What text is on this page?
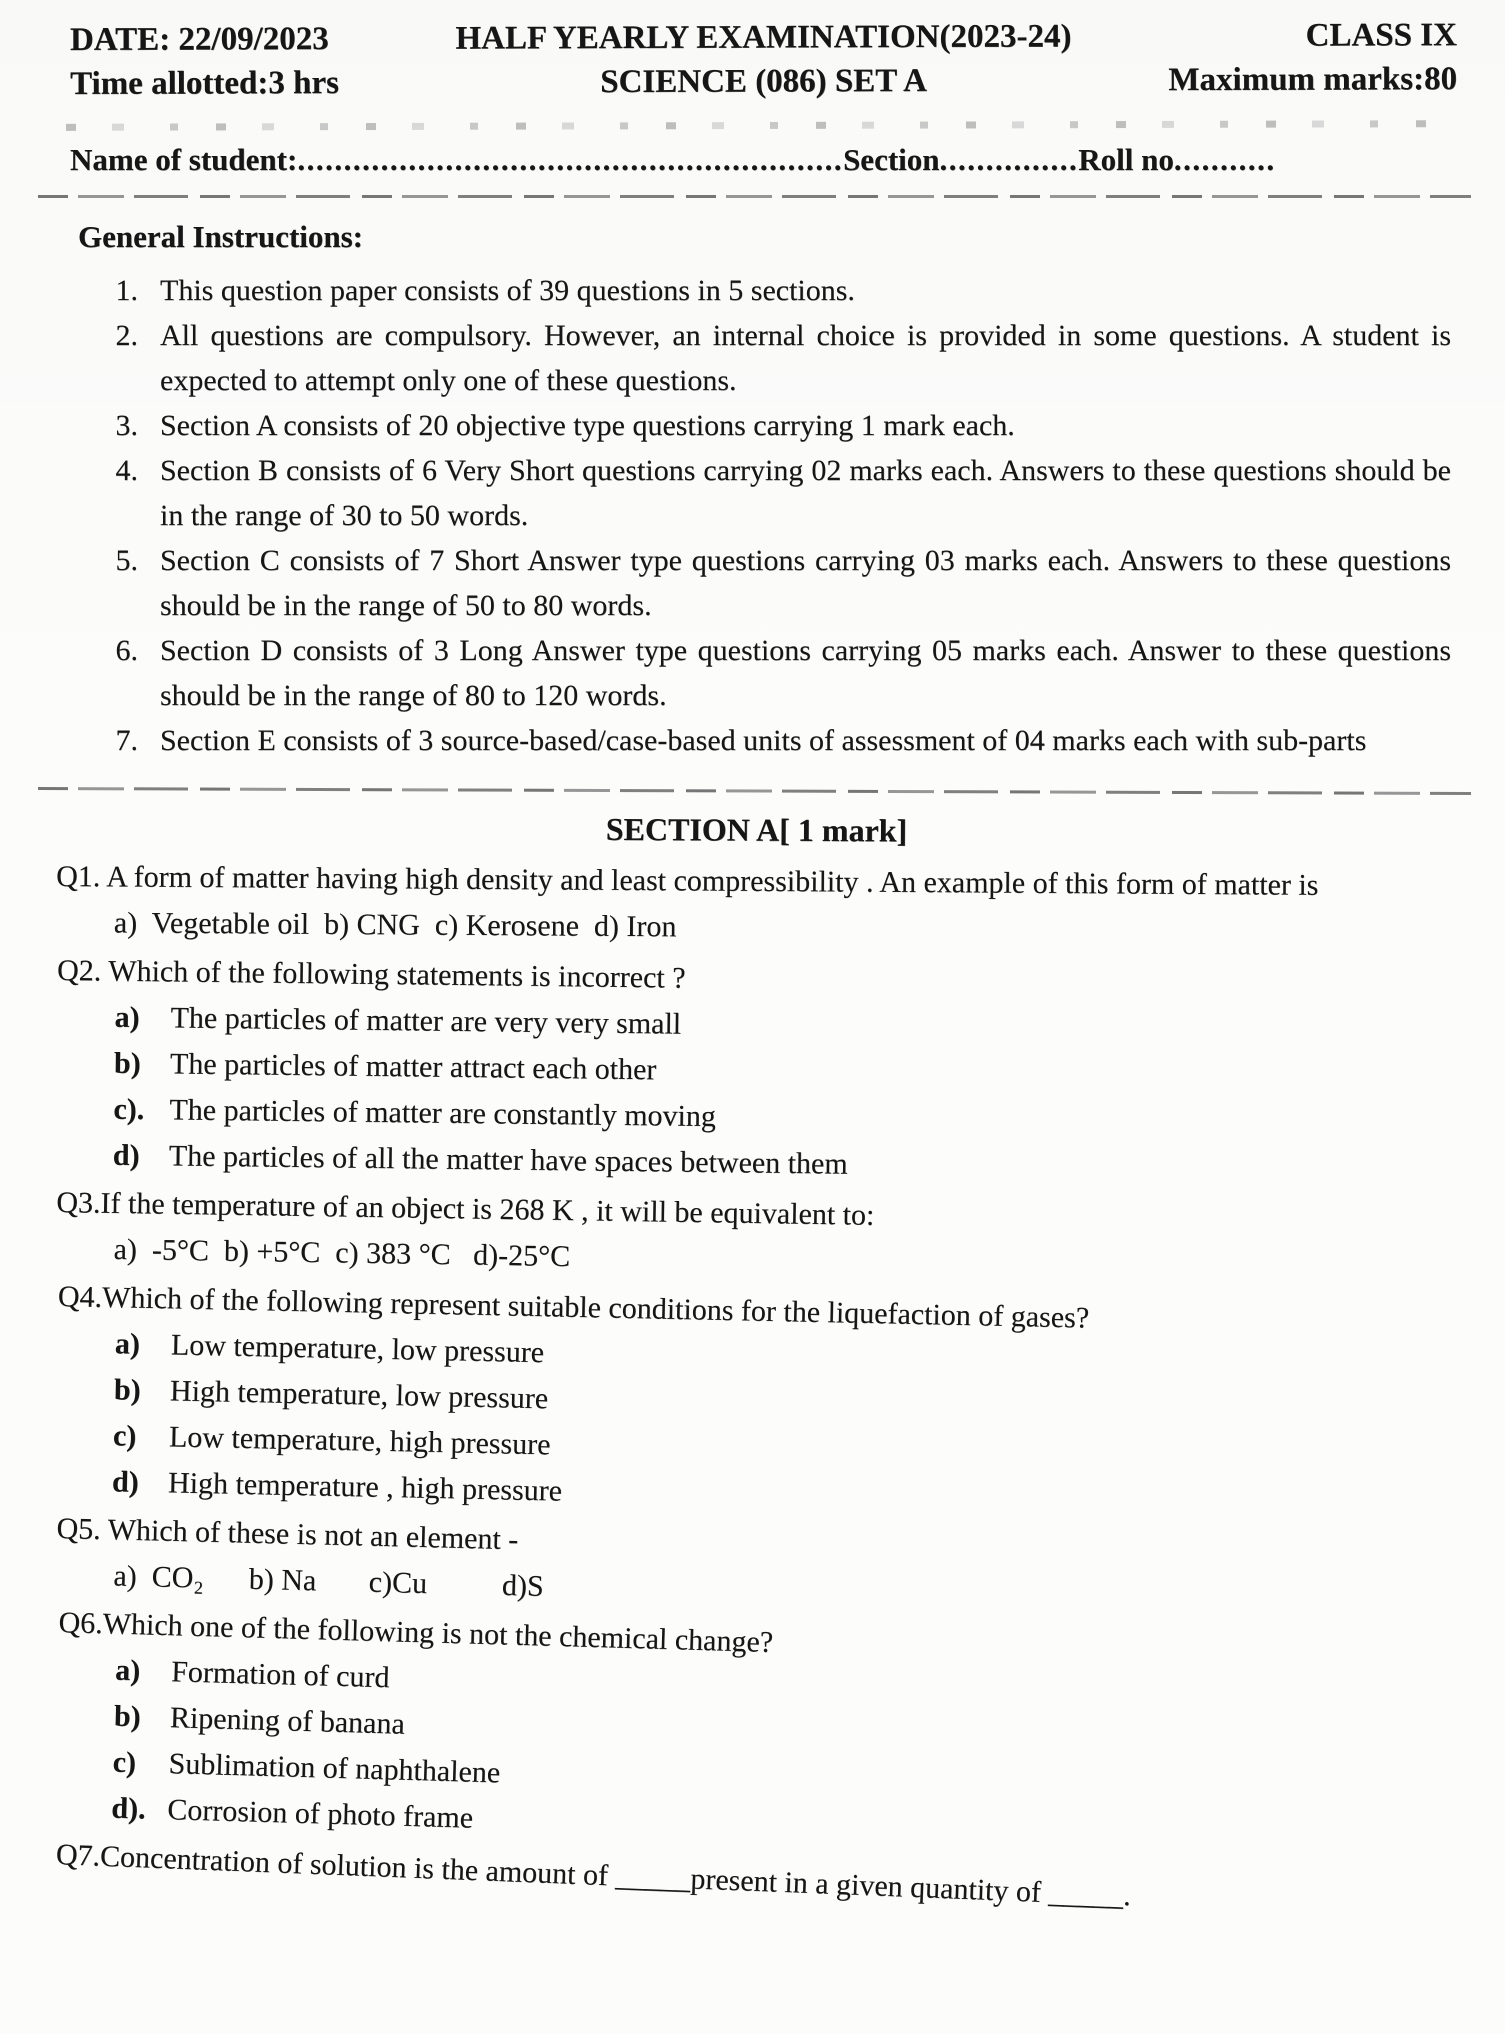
DATE: 22/09/2023	HALF YEARLY EXAMINATION(2023-24)	CLASS IX
Time allotted:3 hrs	SCIENCE (086) SET A	Maximum marks:80
Name of student:...........................................................Section...............Roll no...........
General Instructions:
1. This question paper consists of 39 questions in 5 sections.
2. All questions are compulsory. However, an internal choice is provided in some questions. A student is expected to attempt only one of these questions.
3. Section A consists of 20 objective type questions carrying 1 mark each.
4. Section B consists of 6 Very Short questions carrying 02 marks each. Answers to these questions should be in the range of 30 to 50 words.
5. Section C consists of 7 Short Answer type questions carrying 03 marks each. Answers to these questions should be in the range of 50 to 80 words.
6. Section D consists of 3 Long Answer type questions carrying 05 marks each. Answer to these questions should be in the range of 80 to 120 words.
7. Section E consists of 3 source-based/case-based units of assessment of 04 marks each with sub-parts
SECTION A[ 1 mark]
Q1. A form of matter having high density and least compressibility . An example of this form of matter is
a)  Vegetable oil  b) CNG  c) Kerosene  d) Iron
Q2. Which of the following statements is incorrect ?
a)	The particles of matter are very very small
b) The particles of matter attract each other
c). The particles of matter are constantly moving
d) The particles of all the matter have spaces between them
Q3.If the temperature of an object is 268 K , it will be equivalent to:
a)  -5°C  b) +5°C  c) 383 °C   d)-25°C
Q4.Which of the following represent suitable conditions for the liquefaction of gases?
a)	Low temperature, low pressure
b) High temperature, low pressure
c)	Low temperature, high pressure
d) High temperature , high pressure
Q5. Which of these is not an element -
a)  CO₂      b) Na       c)Cu          d)S
Q6.Which one of the following is not the chemical change?
a)	Formation of curd
b) Ripening of banana
c)	Sublimation of naphthalene
d). Corrosion of photo frame
Q7.Concentration of solution is the amount of _____present in a given quantity of _____.
